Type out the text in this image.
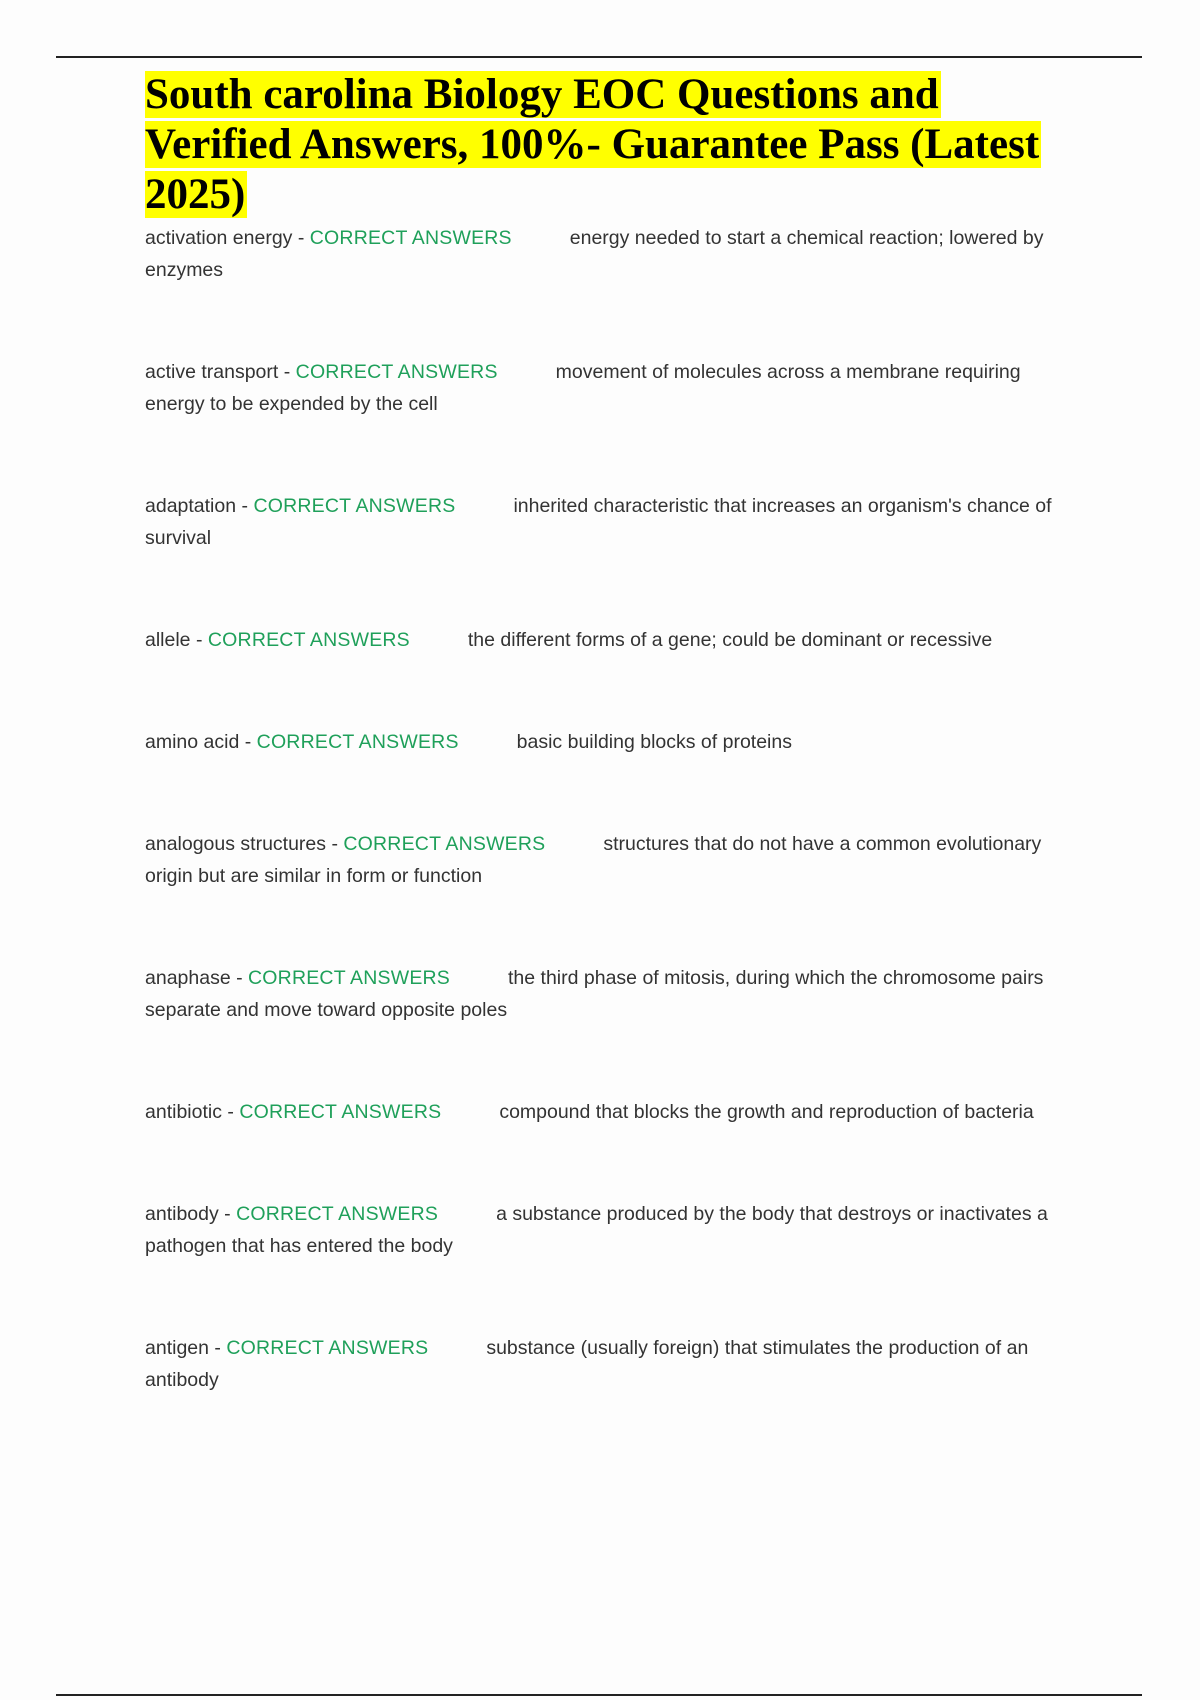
South carolina Biology EOC Questions and Verified Answers, 100%- Guarantee Pass (Latest 2025)
activation energy - CORRECT ANSWERS	energy needed to start a chemical reaction; lowered by enzymes
active transport - CORRECT ANSWERS	movement of molecules across a membrane requiring energy to be expended by the cell
adaptation - CORRECT ANSWERS	inherited characteristic that increases an organism's chance of survival
allele - CORRECT ANSWERS	the different forms of a gene; could be dominant or recessive
amino acid - CORRECT ANSWERS	basic building blocks of proteins
analogous structures - CORRECT ANSWERS	structures that do not have a common evolutionary origin but are similar in form or function
anaphase - CORRECT ANSWERS	the third phase of mitosis, during which the chromosome pairs separate and move toward opposite poles
antibiotic - CORRECT ANSWERS	compound that blocks the growth and reproduction of bacteria
antibody - CORRECT ANSWERS	a substance produced by the body that destroys or inactivates a pathogen that has entered the body
antigen - CORRECT ANSWERS	substance (usually foreign) that stimulates the production of an antibody
